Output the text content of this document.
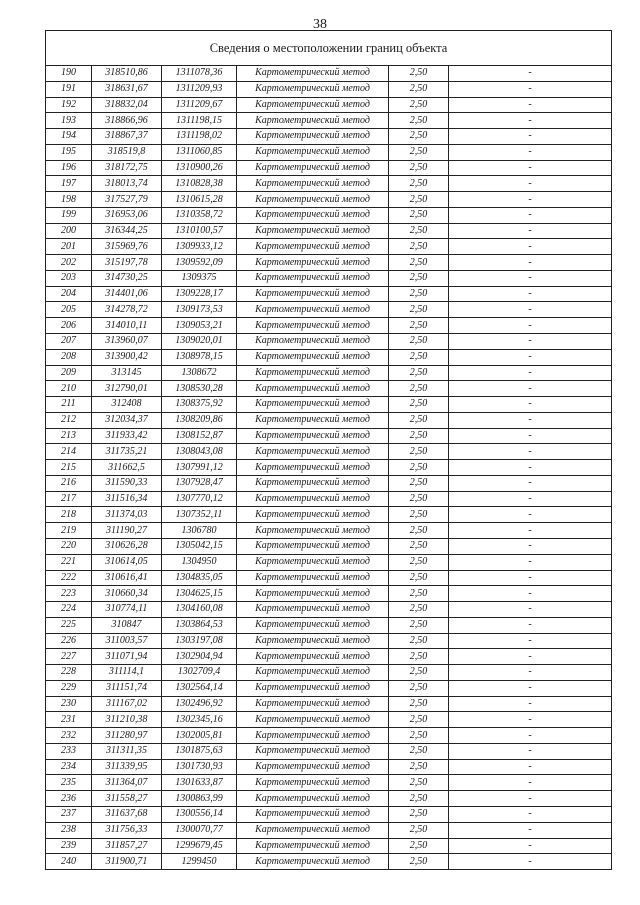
38
Сведения о местоположении границ объекта					
190	318510,86	1311078,36	Картометрический метод	2,50	-
191	318631,67	1311209,93	Картометрический метод	2,50	-
192	318832,04	1311209,67	Картометрический метод	2,50	-
193	318866,96	1311198,15	Картометрический метод	2,50	-
194	318867,37	1311198,02	Картометрический метод	2,50	-
195	318519,8	1311060,85	Картометрический метод	2,50	-
196	318172,75	1310900,26	Картометрический метод	2,50	-
197	318013,74	1310828,38	Картометрический метод	2,50	-
198	317527,79	1310615,28	Картометрический метод	2,50	-
199	316953,06	1310358,72	Картометрический метод	2,50	-
200	316344,25	1310100,57	Картометрический метод	2,50	-
201	315969,76	1309933,12	Картометрический метод	2,50	-
202	315197,78	1309592,09	Картометрический метод	2,50	-
203	314730,25	1309375	Картометрический метод	2,50	-
204	314401,06	1309228,17	Картометрический метод	2,50	-
205	314278,72	1309173,53	Картометрический метод	2,50	-
206	314010,11	1309053,21	Картометрический метод	2,50	-
207	313960,07	1309020,01	Картометрический метод	2,50	-
208	313900,42	1308978,15	Картометрический метод	2,50	-
209	313145	1308672	Картометрический метод	2,50	-
210	312790,01	1308530,28	Картометрический метод	2,50	-
211	312408	1308375,92	Картометрический метод	2,50	-
212	312034,37	1308209,86	Картометрический метод	2,50	-
213	311933,42	1308152,87	Картометрический метод	2,50	-
214	311735,21	1308043,08	Картометрический метод	2,50	-
215	311662,5	1307991,12	Картометрический метод	2,50	-
216	311590,33	1307928,47	Картометрический метод	2,50	-
217	311516,34	1307770,12	Картометрический метод	2,50	-
218	311374,03	1307352,11	Картометрический метод	2,50	-
219	311190,27	1306780	Картометрический метод	2,50	-
220	310626,28	1305042,15	Картометрический метод	2,50	-
221	310614,05	1304950	Картометрический метод	2,50	-
222	310616,41	1304835,05	Картометрический метод	2,50	-
223	310660,34	1304625,15	Картометрический метод	2,50	-
224	310774,11	1304160,08	Картометрический метод	2,50	-
225	310847	1303864,53	Картометрический метод	2,50	-
226	311003,57	1303197,08	Картометрический метод	2,50	-
227	311071,94	1302904,94	Картометрический метод	2,50	-
228	311114,1	1302709,4	Картометрический метод	2,50	-
229	311151,74	1302564,14	Картометрический метод	2,50	-
230	311167,02	1302496,92	Картометрический метод	2,50	-
231	311210,38	1302345,16	Картометрический метод	2,50	-
232	311280,97	1302005,81	Картометрический метод	2,50	-
233	311311,35	1301875,63	Картометрический метод	2,50	-
234	311339,95	1301730,93	Картометрический метод	2,50	-
235	311364,07	1301633,87	Картометрический метод	2,50	-
236	311558,27	1300863,99	Картометрический метод	2,50	-
237	311637,68	1300556,14	Картометрический метод	2,50	-
238	311756,33	1300070,77	Картометрический метод	2,50	-
239	311857,27	1299679,45	Картометрический метод	2,50	-
240	311900,71	1299450	Картометрический метод	2,50	-
